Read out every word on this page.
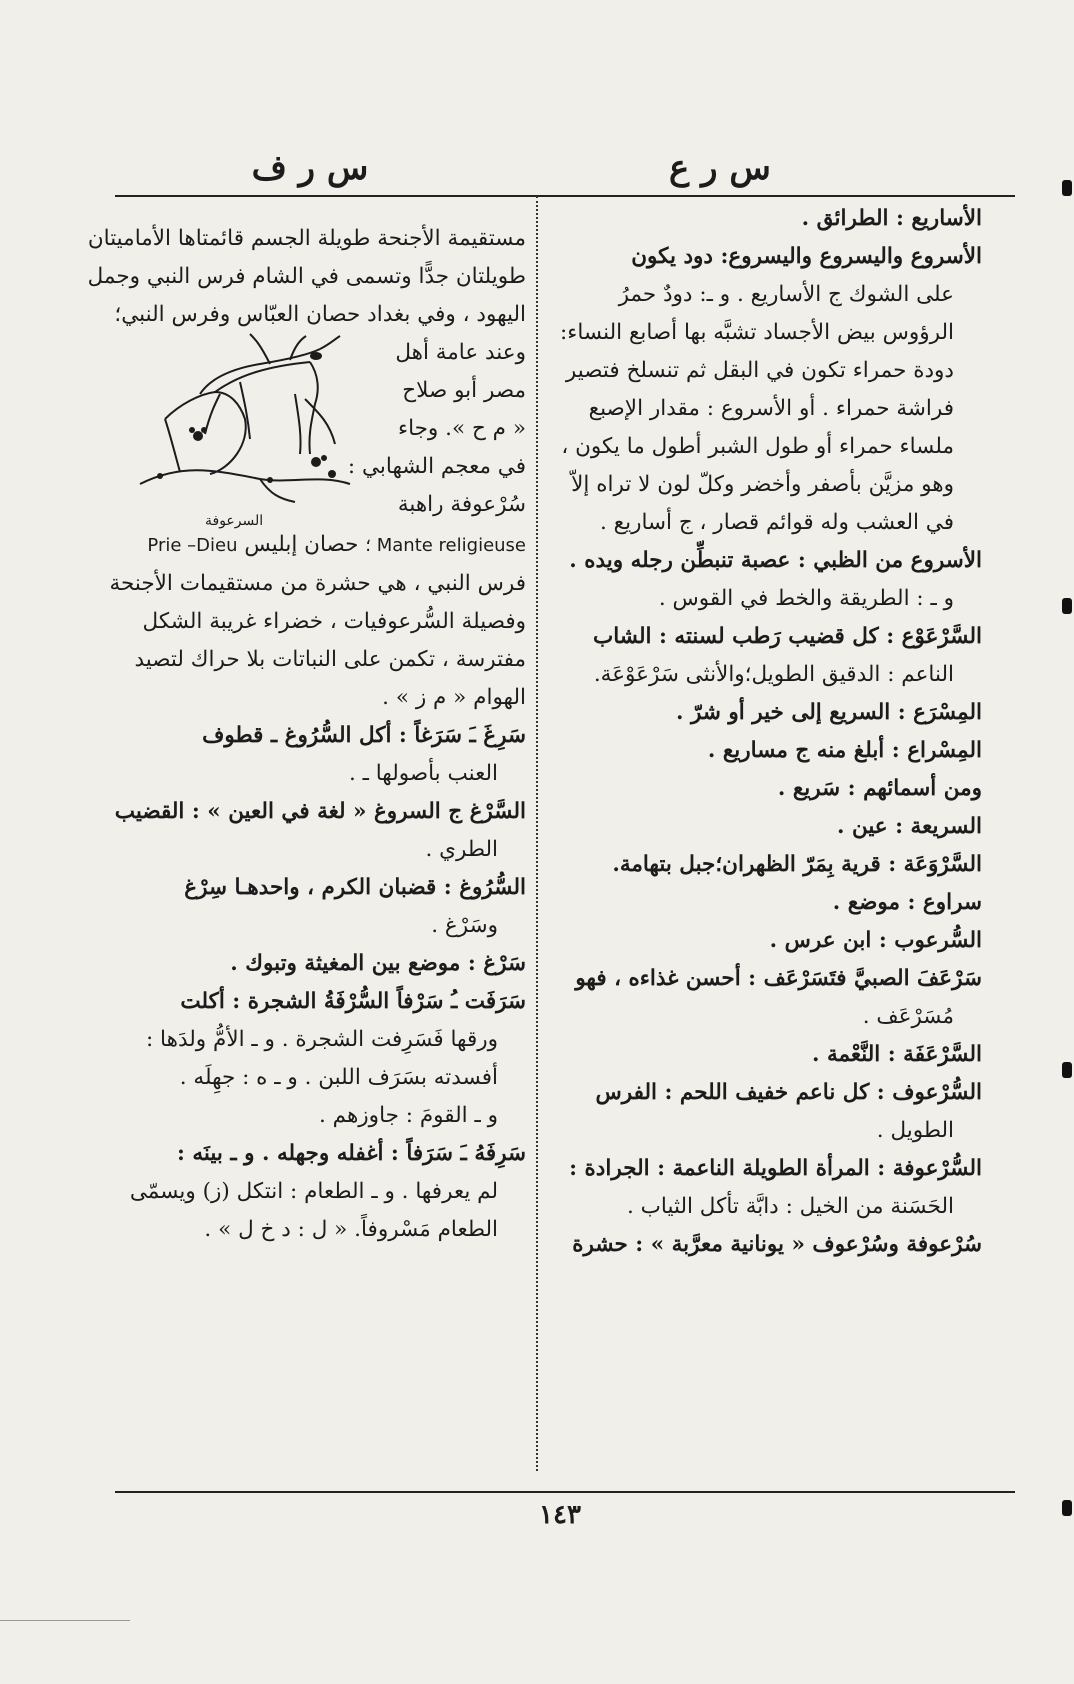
س ر ع
س ر ف

الأساريع : الطرائق .

الأسروع واليسروع واليسروع: دود يكون

على الشوك ج الأساريع . و ـ: دودٌ حمرُ

الرؤوس بيض الأجساد تشبَّه بها أصابع النساء:

دودة حمراء تكون في البقل ثم تنسلخ فتصير

فراشة حمراء . أو الأسروع : مقدار الإصبع

ملساء حمراء أو طول الشبر أطول ما يكون ،

وهو مزيَّن بأصفر وأخضر وكلّ لون لا تراه إلاّ

في العشب وله قوائم قصار ، ج أساريع .

الأسروع من الظبي : عصبة تنبطِّن رجله ويده .

و ـ : الطريقة والخط في القوس .

السَّرْعَوْع : كل قضيب رَطب لسنته : الشاب

الناعم : الدقيق الطويل؛والأنثى سَرْعَوْعَة.

المِسْرَع : السريع إلى خير أو شرّ .

المِسْراع : أبلغ منه ج مساريع .

ومن أسمائهم : سَريع .

السريعة : عين .

السَّرْوَعَة : قرية بِمَرّ الظهران؛جبل بتهامة.

سراوع : موضع .

السُّرعوب : ابن عرس .

سَرْعَفَ الصبيَّ فتَسَرْعَف : أحسن غذاءه ، فهو

مُسَرْعَف .

السَّرْعَفَة : النَّعْمة .

السُّرْعوف : كل ناعم خفيف اللحم : الفرس

الطويل .

السُّرْعوفة : المرأة الطويلة الناعمة : الجرادة :

الحَسَنة من الخيل : دابَّة تأكل الثياب .

سُرْعوفة وسُرْعوف « يونانية معرَّبة » : حشرة

مستقيمة الأجنحة طويلة الجسم قائمتاها الأماميتان

طويلتان جدًّا وتسمى في الشام فرس النبي وجمل

اليهود ، وفي بغداد حصان العبّاس وفرس النبي؛

وعند عامة أهل

مصر أبو صلاح

« م ح ». وجاء

في معجم الشهابي :

سُرْعوفة راهبة

السرعوفة

Mante religieuse ؛ حصان إبليس Prie –Dieu

فرس النبي ، هي حشرة من مستقيمات الأجنحة

وفصيلة السُّرعوفيات ، خضراء غريبة الشكل

مفترسة ، تكمن على النباتات بلا حراك لتصيد

الهوام « م ز » .

سَرِغَ ـَ سَرَغاً : أكل السُّرُوغ ـ قطوف

العنب بأصولها ـ .

السَّرْغ ج السروغ « لغة في العين » : القضيب

الطري .

السُّرُوغ : قضبان الكرم ، واحدهـا سِرْغ

وسَرْغ .

سَرْغ : موضع بين المغيثة وتبوك .

سَرَفَت ـُ سَرْفاً السُّرْفَةُ الشجرة : أكلت

ورقها فَسَرِفت الشجرة . و ـ الأمُّ ولدَها :

أفسدته بسَرَف اللبن . و ـ ه : جهِلَه .

و ـ القومَ : جاوزهم .

سَرِفَهُ ـَ سَرَفاً : أغفله وجهله . و ـ بينَه :

لم يعرفها . و ـ الطعام : انتكل (ز) ويسمّى

الطعام مَسْروفاً. « ل : د خ ل » .

١٤٣
